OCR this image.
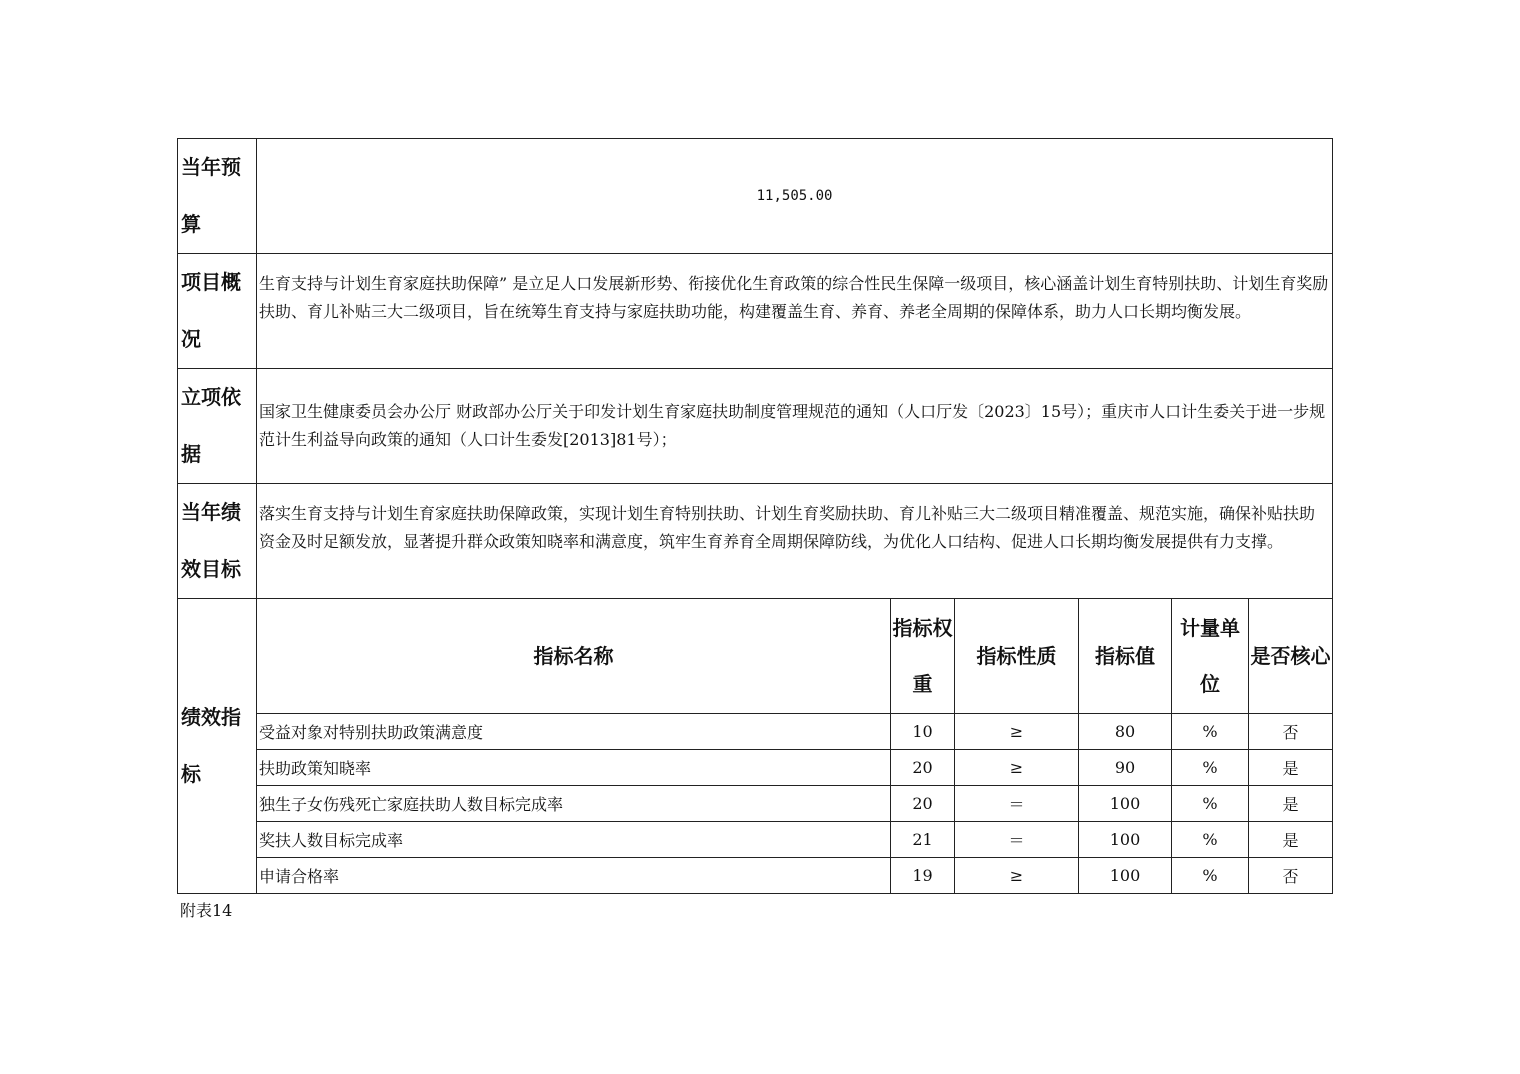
当年预算	11,505.00					
项目概况	生育支持与计划生育家庭扶助保障” 是立足人口发展新形势、衔接优化生育政策的综合性民生保障一级项目，核心涵盖计划生育特别扶助、计划生育奖励扶助、育儿补贴三大二级项目，旨在统筹生育支持与家庭扶助功能，构建覆盖生育、养育、养老全周期的保障体系，助力人口长期均衡发展。					
立项依据	国家卫生健康委员会办公厅 财政部办公厅关于印发计划生育家庭扶助制度管理规范的通知（人口厅发〔2023〕15号）；重庆市人口计生委关于进一步规范计生利益导向政策的通知（人口计生委发[2013]81号）；					
当年绩效目标	落实生育支持与计划生育家庭扶助保障政策，实现计划生育特别扶助、计划生育奖励扶助、育儿补贴三大二级项目精准覆盖、规范实施，确保补贴扶助资金及时足额发放，显著提升群众政策知晓率和满意度，筑牢生育养育全周期保障防线，为优化人口结构、促进人口长期均衡发展提供有力支撑。					
绩效指标	指标名称	指标权重	指标性质	指标值	计量单位	是否核心
	受益对象对特别扶助政策满意度	10	≥	80	%	否
	扶助政策知晓率	20	≥	90	%	是
	独生子女伤残死亡家庭扶助人数目标完成率	20	＝	100	%	是
	奖扶人数目标完成率	21	＝	100	%	是
	申请合格率	19	≥	100	%	否
附表14
